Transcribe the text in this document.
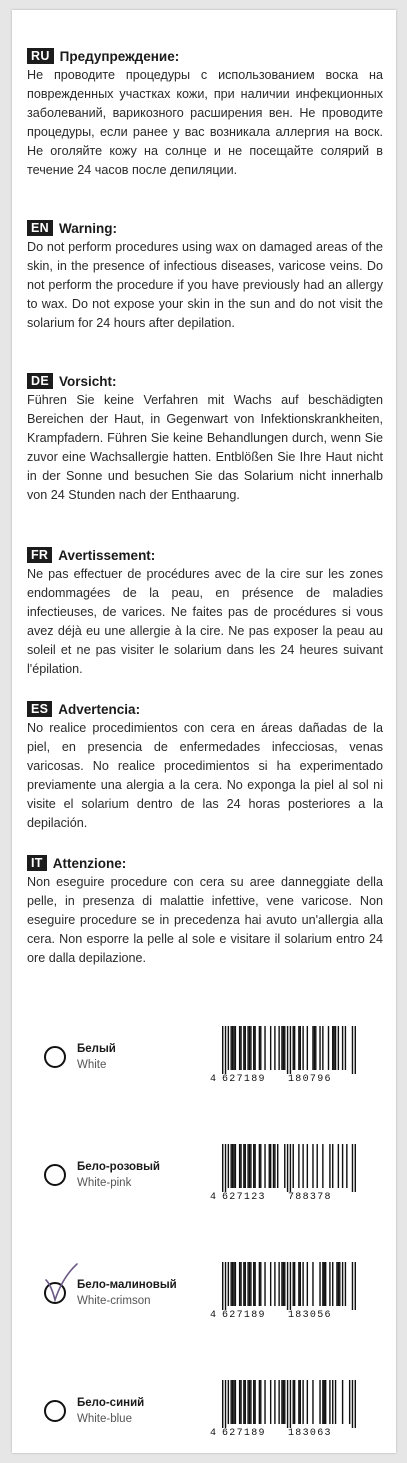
RU Предупреждение:
Не проводите процедуры с использованием воска на поврежденных участках кожи, при наличии инфекционных заболеваний, варикозного расширения вен. Не проводите процедуры, если ранее у вас возникала аллергия на воск. Не оголяйте кожу на солнце и не посещайте солярий в течение 24 часов после депиляции.
EN Warning:
Do not perform procedures using wax on damaged areas of the skin, in the presence of infectious diseases, varicose veins. Do not perform the procedure if you have previously had an allergy to wax. Do not expose your skin in the sun and do not visit the solarium for 24 hours after depilation.
DE Vorsicht:
Führen Sie keine Verfahren mit Wachs auf beschädigten Bereichen der Haut, in Gegenwart von Infektionskrankheiten, Krampfadern. Führen Sie keine Behandlungen durch, wenn Sie zuvor eine Wachsallergie hatten. Entblößen Sie Ihre Haut nicht in der Sonne und besuchen Sie das Solarium nicht innerhalb von 24 Stunden nach der Enthaarung.
FR Avertissement:
Ne pas effectuer de procédures avec de la cire sur les zones endommagées de la peau, en présence de maladies infectieuses, de varices. Ne faites pas de procédures si vous avez déjà eu une allergie à la cire. Ne pas exposer la peau au soleil et ne pas visiter le solarium dans les 24 heures suivant l'épilation.
ES Advertencia:
No realice procedimientos con cera en áreas dañadas de la piel, en presencia de enfermedades infecciosas, venas varicosas. No realice procedimientos si ha experimentado previamente una alergia a la cera. No exponga la piel al sol ni visite el solarium dentro de las 24 horas posteriores a la depilación.
IT Attenzione:
Non eseguire procedure con cera su aree danneggiate della pelle, in presenza di malattie infettive, vene varicose. Non eseguire procedure se in precedenza hai avuto un'allergia alla cera. Non esporre la pelle al sole e visitare il solarium entro 24 ore dalla depilazione.
Белый
White
4 627189 180796
Бело-розовый
White-pink
4 627123 788378
Бело-малиновый
White-crimson
4 627189 183056
Бело-синий
White-blue
4 627189 183063
